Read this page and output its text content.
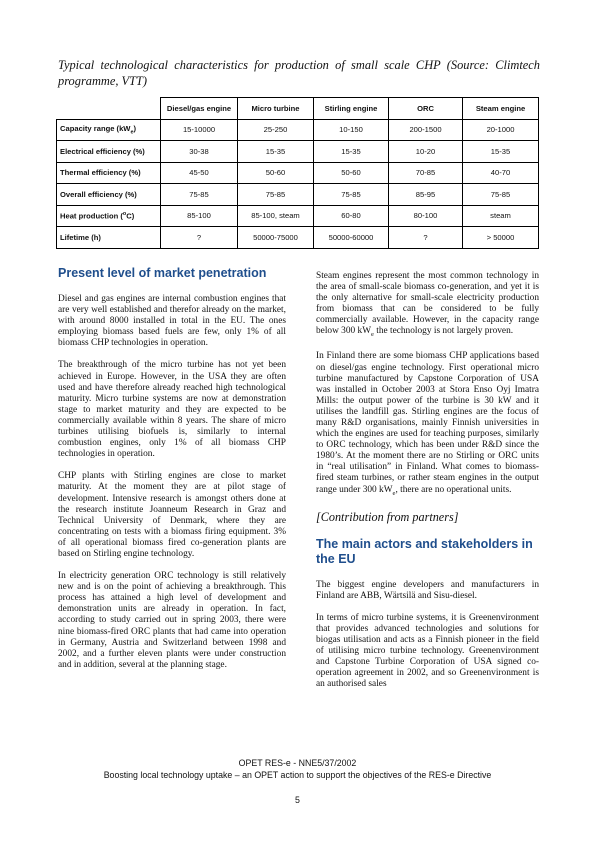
Typical technological characteristics for production of small scale CHP (Source: Climtech programme, VTT)
	Diesel/gas engine	Micro turbine	Stirling engine	ORC	Steam engine
Capacity range $(kW_e)$	15-10000	25-250	10-150	200-1500	20-1000
Electrical efficiency (%)	30-38	15-35	15-35	10-20	15-35
Thermal efficiency (%)	45-50	50-60	50-60	70-85	40-70
Overall efficiency (%)	75-85	75-85	75-85	85-95	75-85
Heat production ($^o$C)	85-100	85-100, steam	60-80	80-100	steam
Lifetime (h)	?	50000-75000	50000-60000	?	> 50000
Present level of market penetration

Diesel and gas engines are internal combustion engines that are very well established and therefor already on the market, with around 8000 installed in total in the EU. The ones employing biomass based fuels are few, only 1% of all biomass CHP technologies in operation.

The breakthrough of the micro turbine has not yet been achieved in Europe. However, in the USA they are often used and have therefore already reached high technological maturity. Micro turbine systems are now at demonstration stage to market maturity and they are expected to be commercially available within 8 years. The share of micro turbines utilising biofuels is, similarly to internal combustion engines, only 1% of all biomass CHP technologies in operation.

CHP plants with Stirling engines are close to market maturity. At the moment they are at pilot stage of development. Intensive research is amongst others done at the research institute Joanneum Research in Graz and Technical University of Denmark, where they are concentrating on tests with a biomass firing equipment. 3% of all operational biomass fired co-generation plants are based on Stirling engine technology.

In electricity generation ORC technology is still relatively new and is on the point of achieving a breakthrough. This process has attained a high level of development and demonstration units are already in operation. In fact, according to study carried out in spring 2003, there were nine biomass-fired ORC plants that had came into operation in Germany, Austria and Switzerland between 1998 and 2002, and a further eleven plants were under construction and in addition, several at the planning stage.

Steam engines represent the most common technology in the area of small-scale biomass co-generation, and yet it is the only alternative for small-scale electricity production from biomass that can be considered to be fully commercially available. However, in the capacity range below 300 $kW_e$ the technology is not largely proven.

In Finland there are some biomass CHP applications based on diesel/gas engine technology. First operational micro turbine manufactured by Capstone Corporation of USA was installed in October 2003 at Stora Enso Oyj Imatra Mills: the output power of the turbine is 30 kW and it utilises the landfill gas. Stirling engines are the focus of many R&D organisations, mainly Finnish universities in which the engines are used for teaching purposes, similarly to ORC technology, which has been under R&D since the 1980’s. At the moment there are no Stirling or ORC units in “real utilisation” in Finland. What comes to biomass-fired steam turbines, or rather steam engines in the output range under 300 $kW_e$, there are no operational units.

[Contribution from partners]
The main actors and stakeholders in the EU

The biggest engine developers and manufacturers in Finland are ABB, Wärtsilä and Sisu-diesel.

In terms of micro turbine systems, it is Greenenvironment that provides advanced technologies and solutions for biogas utilisation and acts as a Finnish pioneer in the field of utilising micro turbine technology. Greenenvironment and Capstone Turbine Corporation of USA signed co-operation agreement in 2002, and so Greenenvironment is an authorised sales

OPET RES-e - NNE5/37/2002
Boosting local technology uptake – an OPET action to support the objectives of the RES-e Directive
5
